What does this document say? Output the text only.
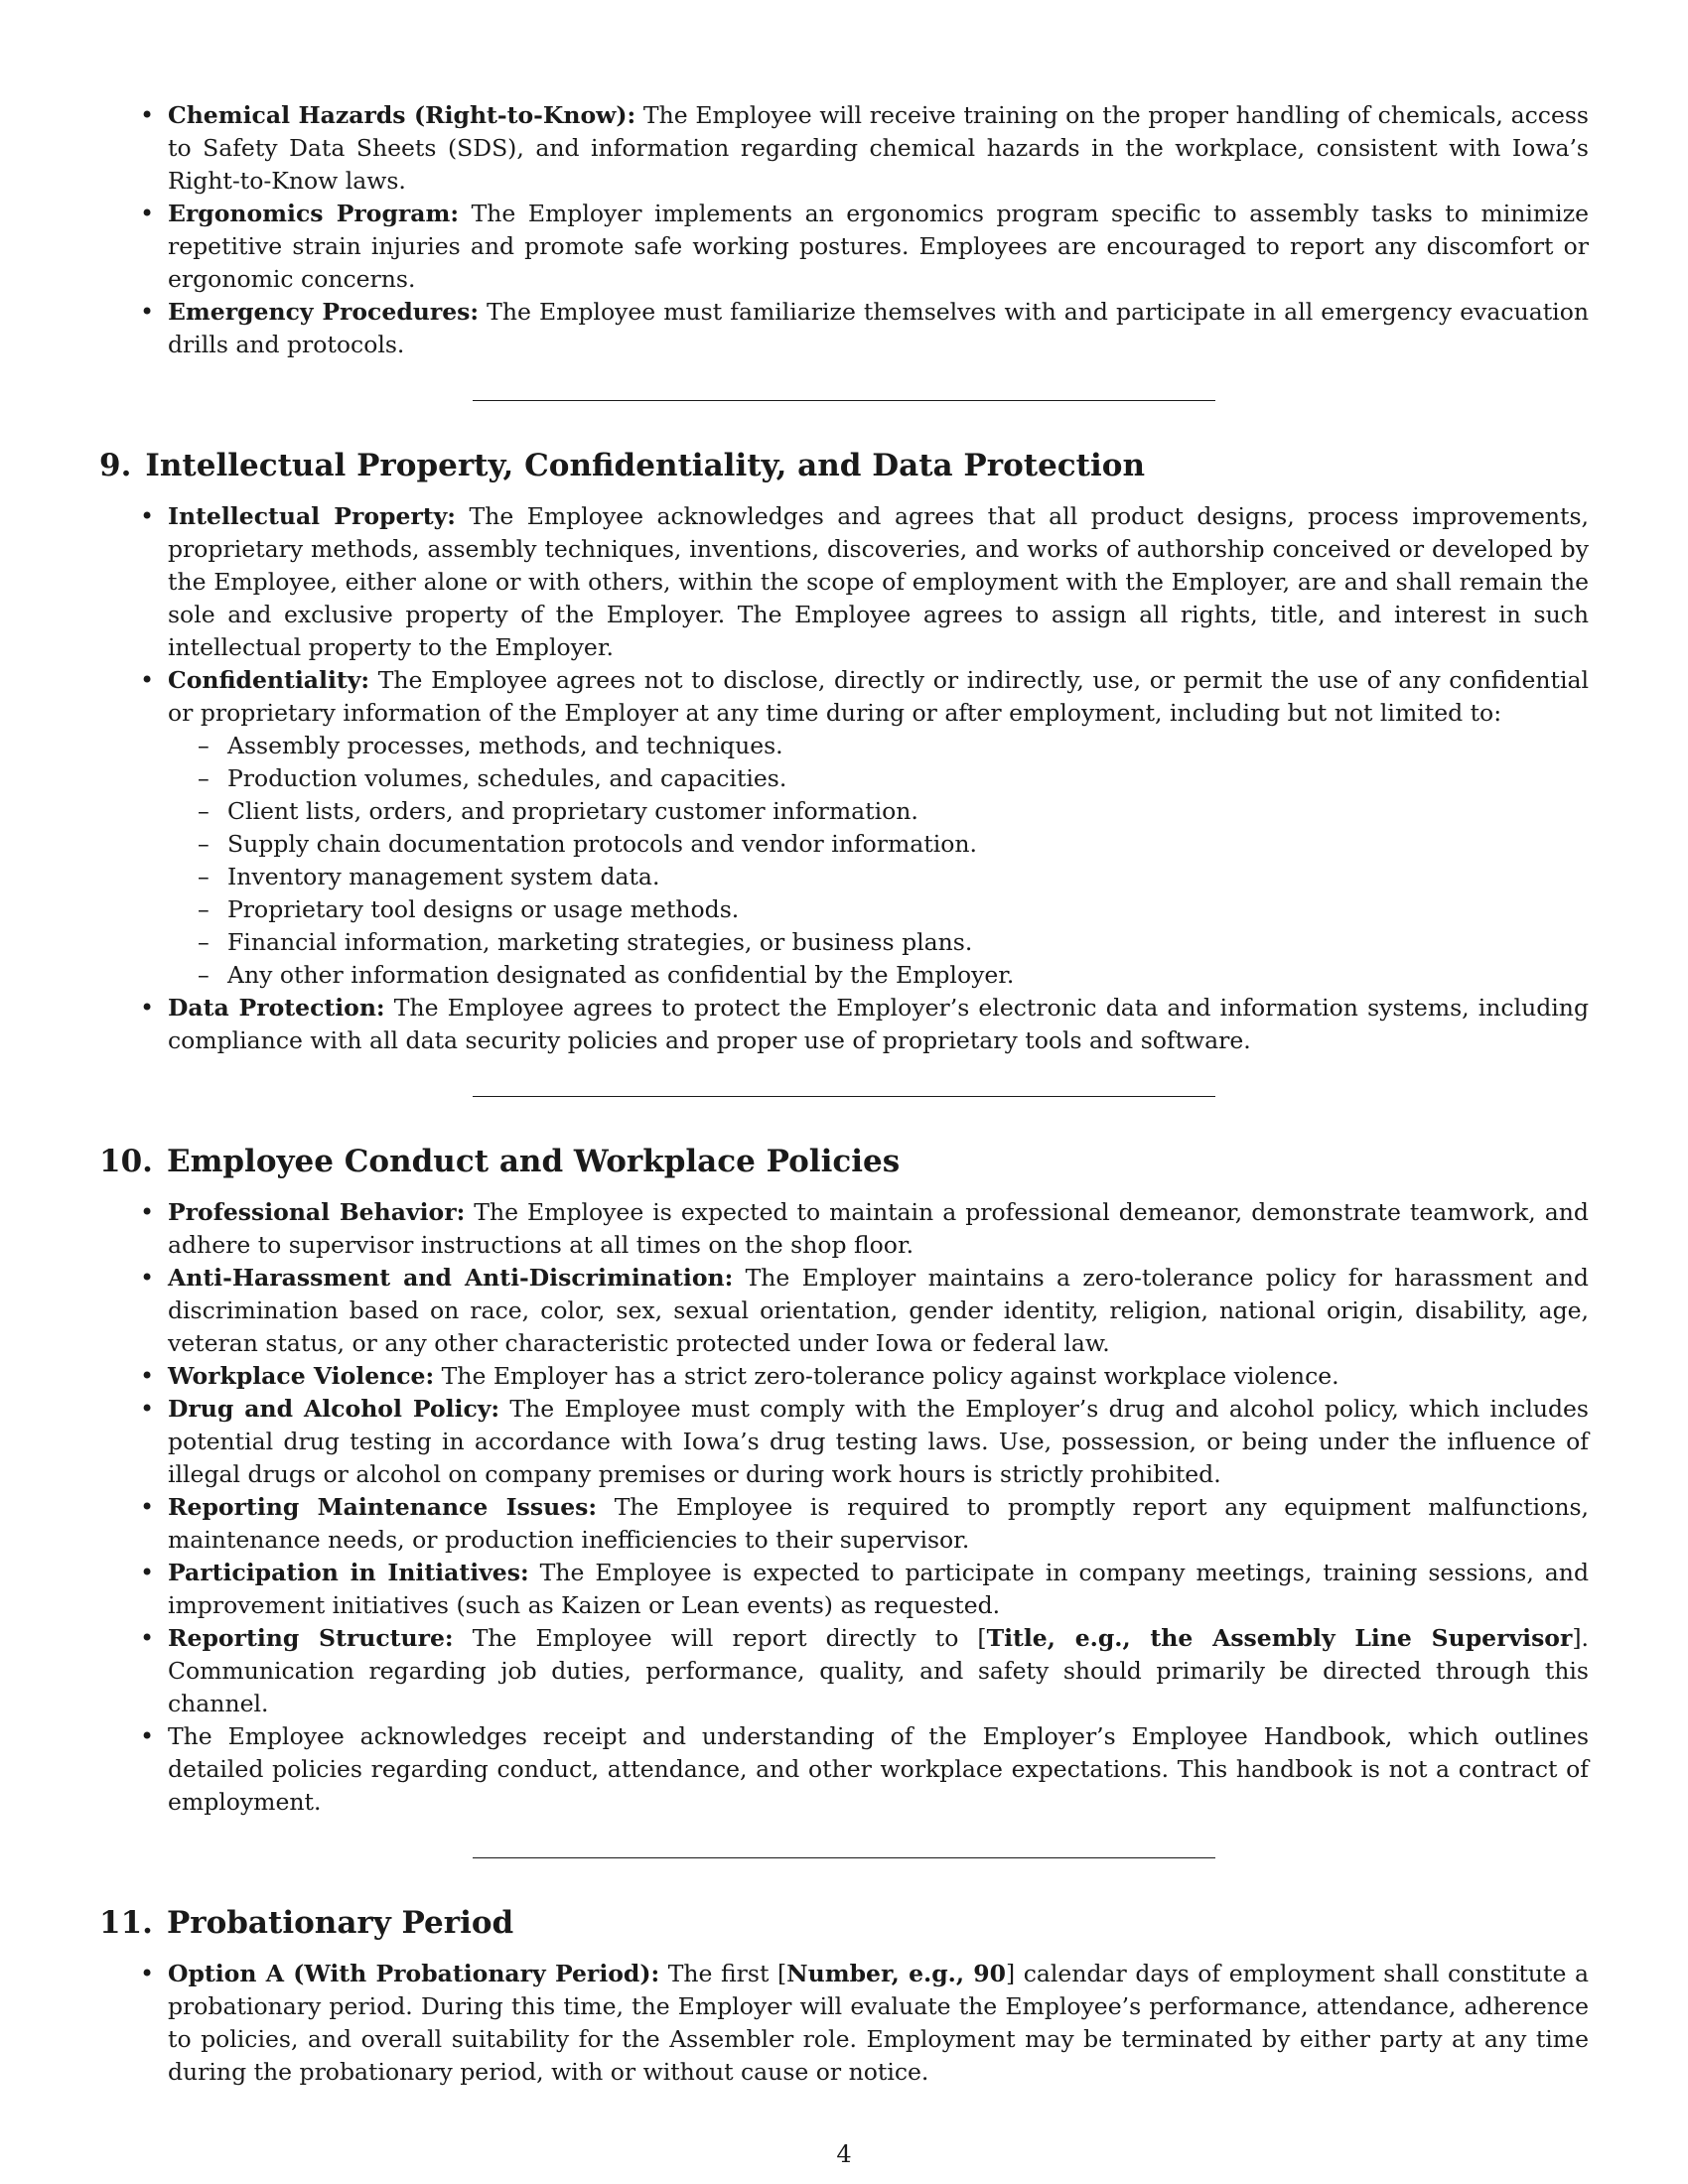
• Chemical Hazards (Right-to-Know): The Employee will receive training on the proper handling of chemicals, access to Safety Data Sheets (SDS), and information regarding chemical hazards in the workplace, consistent with Iowa’s Right-to-Know laws.
• Ergonomics Program: The Employer implements an ergonomics program specific to assembly tasks to minimize repetitive strain injuries and promote safe working postures. Employees are encouraged to report any discomfort or ergonomic concerns.
• Emergency Procedures: The Employee must familiarize themselves with and participate in all emergency evacuation drills and protocols.
9. Intellectual Property, Confidentiality, and Data Protection
• Intellectual Property: The Employee acknowledges and agrees that all product designs, process improvements, proprietary methods, assembly techniques, inventions, discoveries, and works of authorship conceived or developed by the Employee, either alone or with others, within the scope of employment with the Employer, are and shall remain the sole and exclusive property of the Employer. The Employee agrees to assign all rights, title, and interest in such intellectual property to the Employer.
• Confidentiality: The Employee agrees not to disclose, directly or indirectly, use, or permit the use of any confidential or proprietary information of the Employer at any time during or after employment, including but not limited to:
– Assembly processes, methods, and techniques.
– Production volumes, schedules, and capacities.
– Client lists, orders, and proprietary customer information.
– Supply chain documentation protocols and vendor information.
– Inventory management system data.
– Proprietary tool designs or usage methods.
– Financial information, marketing strategies, or business plans.
– Any other information designated as confidential by the Employer.
• Data Protection: The Employee agrees to protect the Employer’s electronic data and information systems, including compliance with all data security policies and proper use of proprietary tools and software.
10. Employee Conduct and Workplace Policies
• Professional Behavior: The Employee is expected to maintain a professional demeanor, demonstrate teamwork, and adhere to supervisor instructions at all times on the shop floor.
• Anti-Harassment and Anti-Discrimination: The Employer maintains a zero-tolerance policy for harassment and discrimination based on race, color, sex, sexual orientation, gender identity, religion, national origin, disability, age, veteran status, or any other characteristic protected under Iowa or federal law.
• Workplace Violence: The Employer has a strict zero-tolerance policy against workplace violence.
• Drug and Alcohol Policy: The Employee must comply with the Employer’s drug and alcohol policy, which includes potential drug testing in accordance with Iowa’s drug testing laws. Use, possession, or being under the influence of illegal drugs or alcohol on company premises or during work hours is strictly prohibited.
• Reporting Maintenance Issues: The Employee is required to promptly report any equipment malfunctions, maintenance needs, or production inefficiencies to their supervisor.
• Participation in Initiatives: The Employee is expected to participate in company meetings, training sessions, and improvement initiatives (such as Kaizen or Lean events) as requested.
• Reporting Structure: The Employee will report directly to [Title, e.g., the Assembly Line Supervisor]. Communication regarding job duties, performance, quality, and safety should primarily be directed through this channel.
• The Employee acknowledges receipt and understanding of the Employer’s Employee Handbook, which outlines detailed policies regarding conduct, attendance, and other workplace expectations. This handbook is not a contract of employment.
11. Probationary Period
• Option A (With Probationary Period): The first [Number, e.g., 90] calendar days of employment shall constitute a probationary period. During this time, the Employer will evaluate the Employee’s performance, attendance, adherence to policies, and overall suitability for the Assembler role. Employment may be terminated by either party at any time during the probationary period, with or without cause or notice.
4
